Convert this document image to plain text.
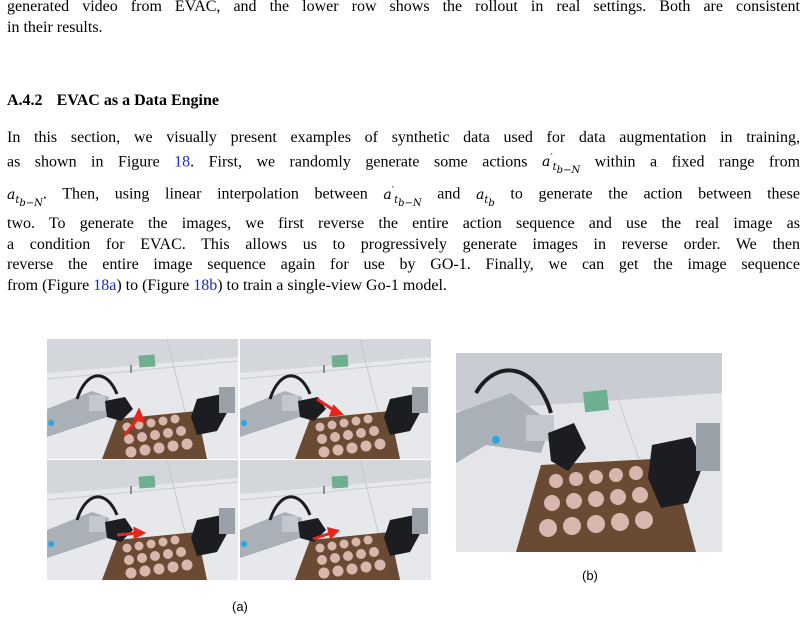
generated video from EVAC, and the lower row shows the rollout in real settings. Both are consistent
in their results.
A.4.2 EVAC as a Data Engine
In this section, we visually present examples of synthetic data used for data augmentation in training,
as shown in Figure 18. First, we randomly generate some actions $a'_{t_{b-N}}$ within a fixed range from
$a_{t_{b-N}}$. Then, using linear interpolation between $a'_{t_{b-N}}$ and $a_{t_b}$ to generate the action between these
two. To generate the images, we first reverse the entire action sequence and use the real image as
a condition for EVAC. This allows us to progressively generate images in reverse order. We then
reverse the entire image sequence again for use by GO-1. Finally, we can get the image sequence
from (Figure 18a) to (Figure 18b) to train a single-view Go-1 model.
(b)
(a)
